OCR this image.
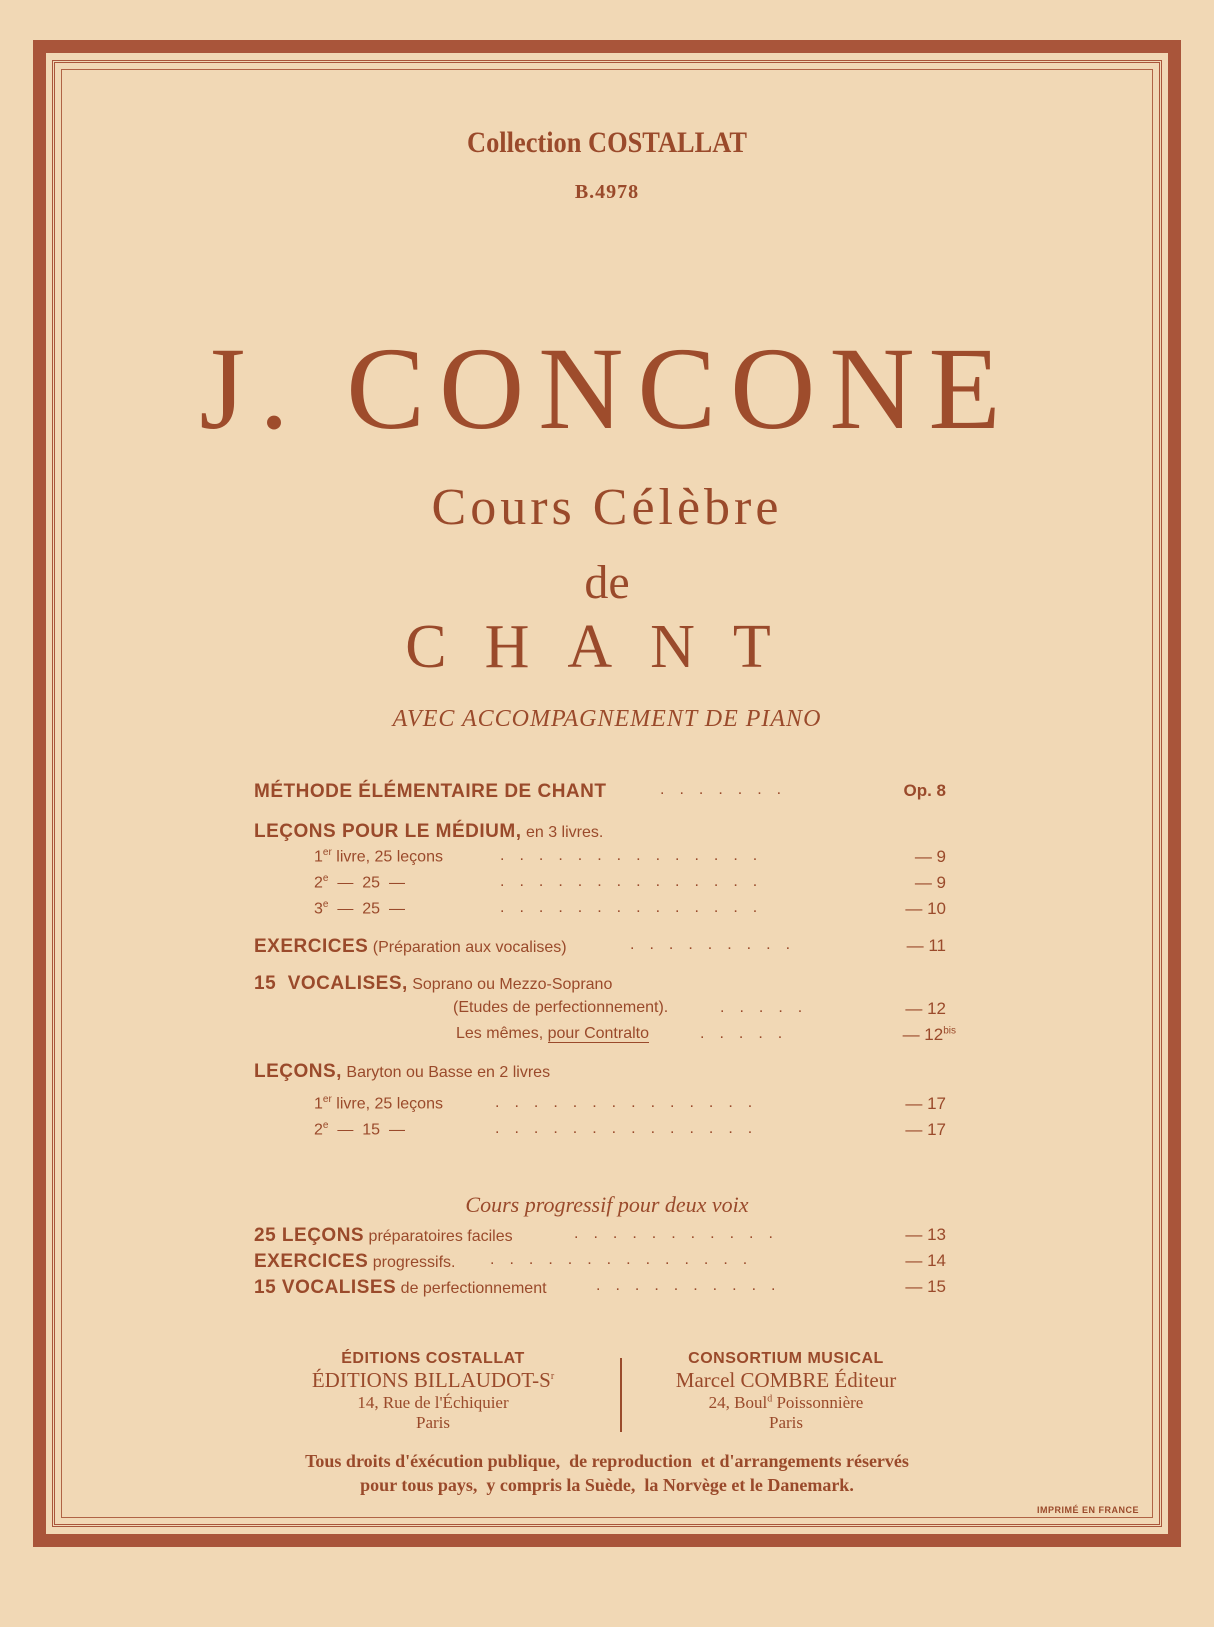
Collection COSTALLAT
B.4978
J. CONCONE
Cours Célèbre
de
CHANT
AVEC ACCOMPAGNEMENT DE PIANO
MÉTHODE ÉLÉMENTAIRE DE CHANT	.......	Op. 8
LEÇONS POUR LE MÉDIUM, en 3 livres.
1er livre, 25 leçons	..............	— 9
2e  —  25  —	..............	— 9
3e  —  25  —	..............	— 10
EXERCICES (Préparation aux vocalises)	.........	— 11
15  VOCALISES, Soprano ou Mezzo-Soprano
(Etudes de perfectionnement).	.....	— 12
Les mêmes, pour Contralto	.....	— $12^{bis}$
LEÇONS, Baryton ou Basse en 2 livres
1er livre, 25 leçons	..............	— 17
2e  —  15  —	..............	— 17
Cours progressif pour deux voix
25 LEÇONS préparatoires faciles	...........	— 13
EXERCICES progressifs. ..............	— 14
15 VOCALISES de perfectionnement	..........	— 15
ÉDITIONS COSTALLAT
ÉDITIONS BILLAUDOT-$S^r$
14, Rue de l'Échiquier
Paris
CONSORTIUM MUSICAL
Marcel COMBRE Éditeur
24, Boul$^d$ Poissonnière
Paris
Tous droits d'éxécution publique,  de reproduction  et d'arrangements réservés
pour tous pays,  y compris la Suède,  la Norvège et le Danemark.
IMPRIMÉ EN FRANCE
